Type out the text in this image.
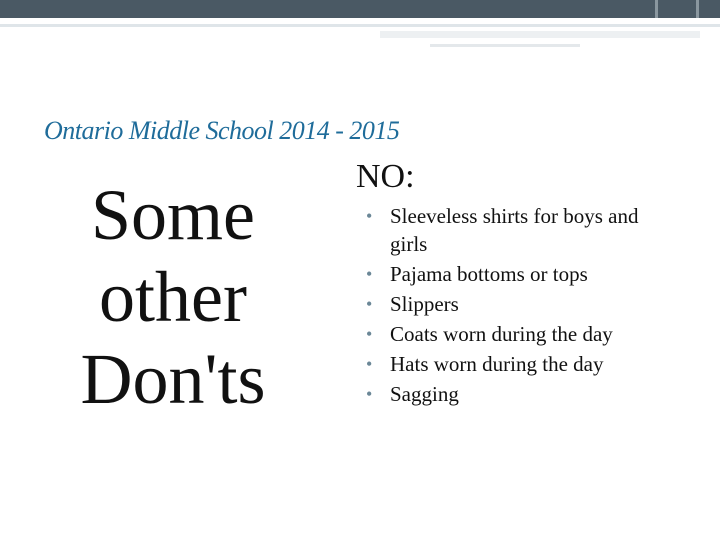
Ontario Middle School 2014 - 2015
Some
other
Don'ts
NO:
• Sleeveless shirts for boys and girls
• Pajama bottoms or tops
• Slippers
• Coats worn during the day
• Hats worn during the day
• Sagging
